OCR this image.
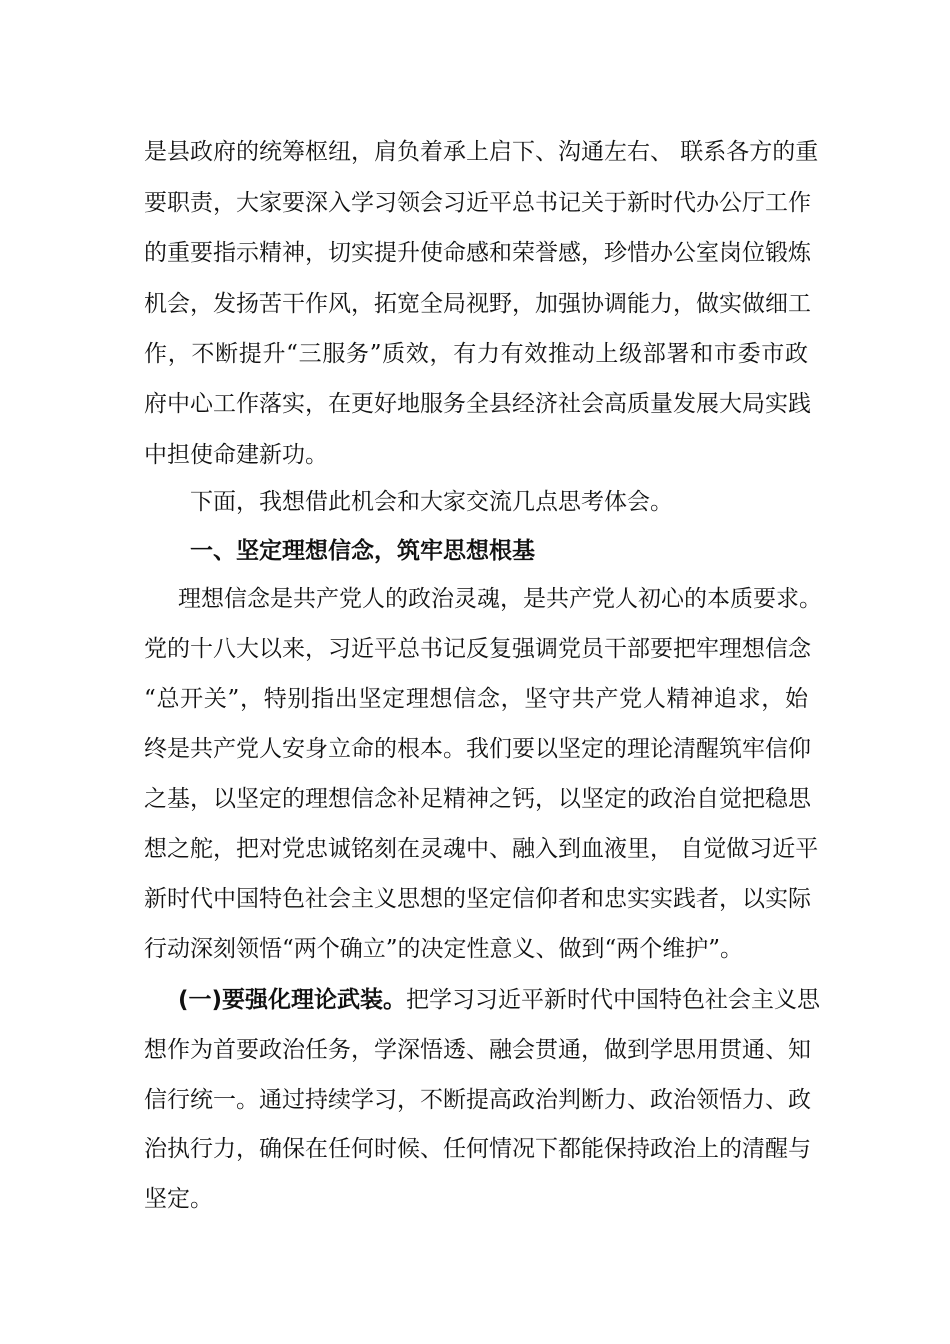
是县政府的统筹枢纽，肩负着承上启下、沟通左右、 联系各方的重
要职责，大家要深入学习领会习近平总书记关于新时代办公厅工作
的重要指示精神，切实提升使命感和荣誉感，珍惜办公室岗位锻炼
机会，发扬苦干作风，拓宽全局视野，加强协调能力，做实做细工
作，不断提升“三服务”质效，有力有效推动上级部署和市委市政
府中心工作落实，在更好地服务全县经济社会高质量发展大局实践
中担使命建新功。
下面，我想借此机会和大家交流几点思考体会。
一、坚定理想信念，筑牢思想根基
理想信念是共产党人的政治灵魂，是共产党人初心的本质要求。
党的十八大以来，习近平总书记反复强调党员干部要把牢理想信念
“总开关”，特别指出坚定理想信念，坚守共产党人精神追求，始
终是共产党人安身立命的根本。我们要以坚定的理论清醒筑牢信仰
之基，以坚定的理想信念补足精神之钙，以坚定的政治自觉把稳思
想之舵，把对党忠诚铭刻在灵魂中、融入到血液里， 自觉做习近平
新时代中国特色社会主义思想的坚定信仰者和忠实实践者，以实际
行动深刻领悟“两个确立”的决定性意义、做到“两个维护”。
(一)要强化理论武装。 把学习习近平新时代中国特色社会主义思
想作为首要政治任务，学深悟透、融会贯通，做到学思用贯通、知
信行统一。通过持续学习，不断提高政治判断力、政治领悟力、政
治执行力，确保在任何时候、任何情况下都能保持政治上的清醒与
坚定。
